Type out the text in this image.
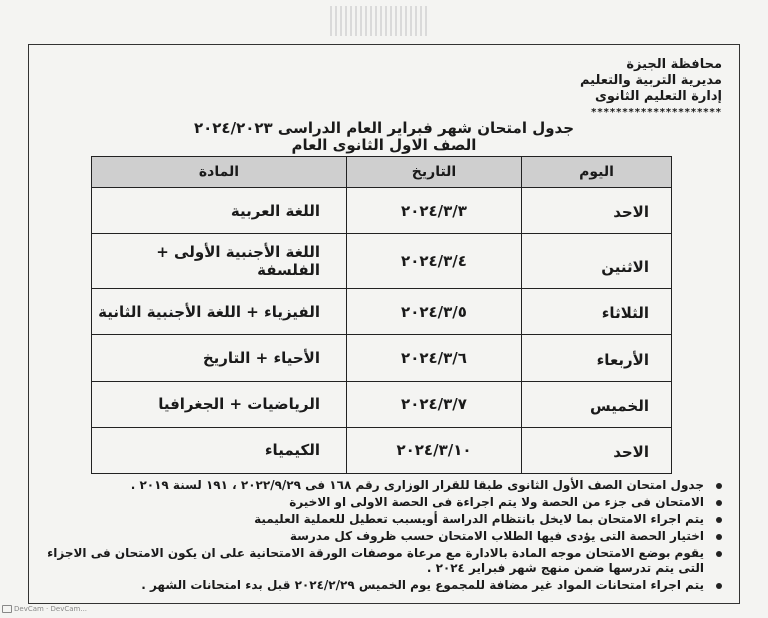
محافظة الجيزة
مديرية التربية والتعليم
إدارة التعليم الثانوى
*********************
جدول امتحان شهر فبراير العام الدراسى ٢٠٢٤/٢٠٢٣
الصف الاول الثانوى العام
اليوم	التاريخ	المادة
الاحد	٢٠٢٤/٣/٣	اللغة العربية
الاثنين	٢٠٢٤/٣/٤	اللغة الأجنبية الأولى + الفلسفة
الثلاثاء	٢٠٢٤/٣/٥	الفيزياء + اللغة الأجنبية الثانية
الأربعاء	٢٠٢٤/٣/٦	الأحياء + التاريخ
الخميس	٢٠٢٤/٣/٧	الرياضيات + الجغرافيا
الاحد	٢٠٢٤/٣/١٠	الكيمياء
جدول امتحان الصف الأول الثانوى طبقا للقرار الوزارى رقم ١٦٨ فى ٢٠٢٢/٩/٢٩ ، ١٩١ لسنة ٢٠١٩ .
الامتحان فى جزء من الحصة ولا يتم اجراءة فى الحصة الاولى او الاخيرة
يتم اجراء الامتحان بما لايخل بانتظام الدراسة أويسبب تعطيل للعملية العليمية
اختيار الحصة التى يؤدى فيها الطلاب الامتحان حسب ظروف كل مدرسة
يقوم بوضع الامتحان موجه المادة بالادارة مع مرعاة موصفات الورقة الامتحانية على ان يكون الامتحان فى الاجزاء التى يتم تدرسها ضمن منهج شهر فبراير ٢٠٢٤ .
يتم اجراء امتحانات المواد غير مضافة للمجموع يوم الخميس ٢٠٢٤/٢/٢٩ قبل بدء امتحانات الشهر .
DevCam · DevCam...
